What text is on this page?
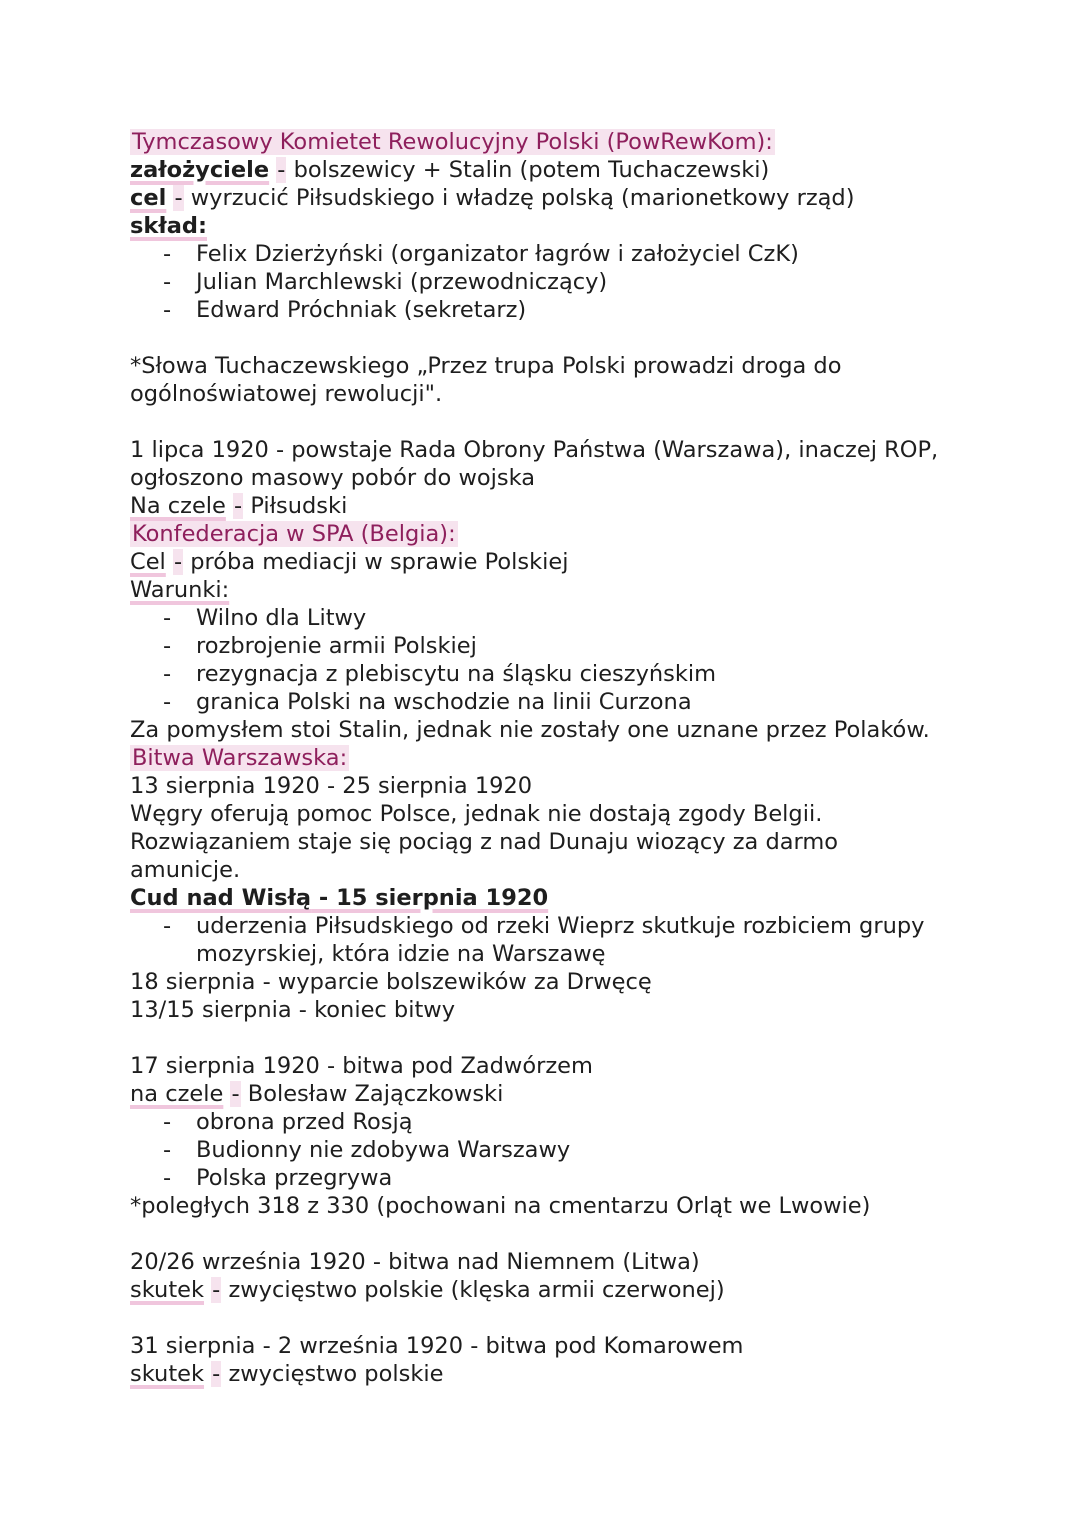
Tymczasowy Komietet Rewolucyjny Polski (PowRewKom):
założyciele - bolszewicy + Stalin (potem Tuchaczewski)
cel - wyrzucić Piłsudskiego i władzę polską (marionetkowy rząd)
skład:
- Felix Dzierżyński (organizator łagrów i założyciel CzK)
- Julian Marchlewski (przewodniczący)
- Edward Próchniak (sekretarz)
*Słowa Tuchaczewskiego „Przez trupa Polski prowadzi droga do
ogólnoświatowej rewolucji".
1 lipca 1920 - powstaje Rada Obrony Państwa (Warszawa), inaczej ROP,
ogłoszono masowy pobór do wojska
Na czele - Piłsudski
Konfederacja w SPA (Belgia):
Cel - próba mediacji w sprawie Polskiej
Warunki:
- Wilno dla Litwy
- rozbrojenie armii Polskiej
- rezygnacja z plebiscytu na śląsku cieszyńskim
- granica Polski na wschodzie na linii Curzona
Za pomysłem stoi Stalin, jednak nie zostały one uznane przez Polaków.
Bitwa Warszawska:
13 sierpnia 1920 - 25 sierpnia 1920
Węgry oferują pomoc Polsce, jednak nie dostają zgody Belgii.
Rozwiązaniem staje się pociąg z nad Dunaju wiozący za darmo
amunicje.
Cud nad Wisłą - 15 sierpnia 1920
- uderzenia Piłsudskiego od rzeki Wieprz skutkuje rozbiciem grupy
mozyrskiej, która idzie na Warszawę
18 sierpnia - wyparcie bolszewików za Drwęcę
13/15 sierpnia - koniec bitwy
17 sierpnia 1920 - bitwa pod Zadwórzem
na czele - Bolesław Zajączkowski
- obrona przed Rosją
- Budionny nie zdobywa Warszawy
- Polska przegrywa
*poległych 318 z 330 (pochowani na cmentarzu Orląt we Lwowie)
20/26 września 1920 - bitwa nad Niemnem (Litwa)
skutek - zwycięstwo polskie (klęska armii czerwonej)
31 sierpnia - 2 września 1920 - bitwa pod Komarowem
skutek - zwycięstwo polskie
